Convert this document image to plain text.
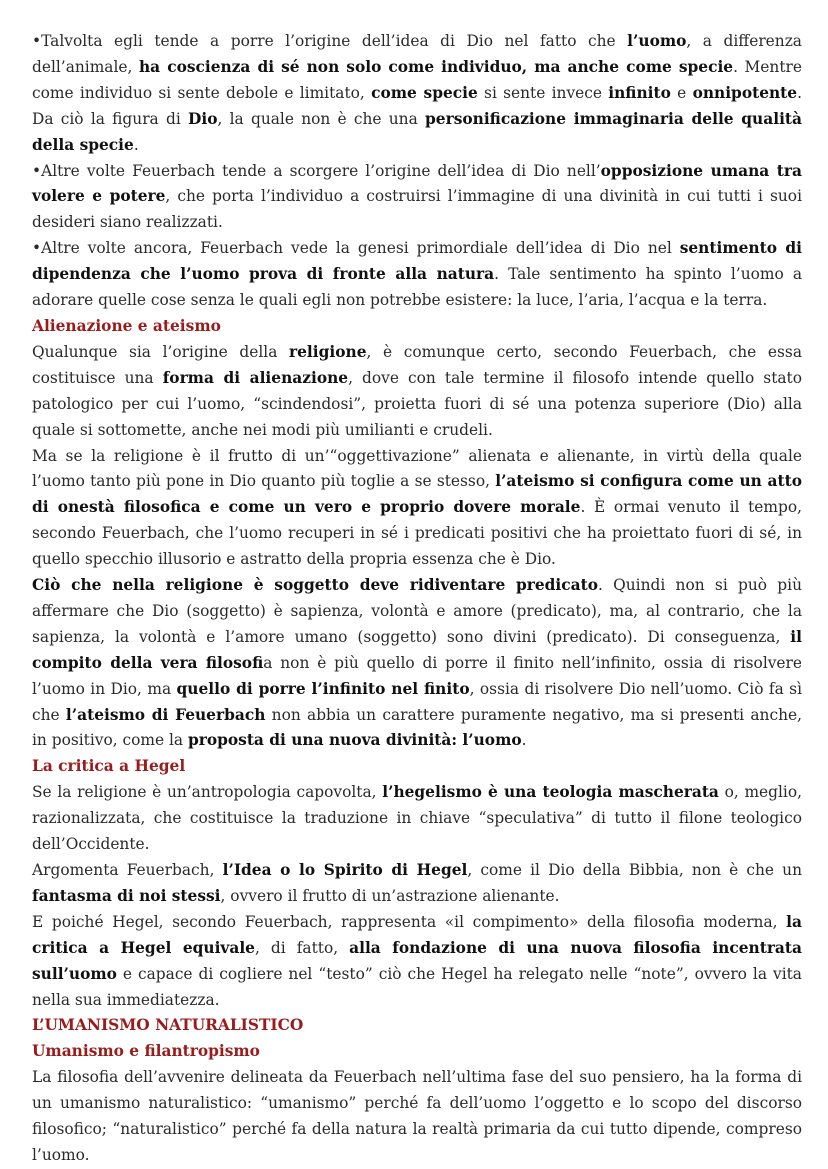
•Talvolta egli tende a porre l’origine dell’idea di Dio nel fatto che l’uomo, a differenza dell’animale, ha coscienza di sé non solo come individuo, ma anche come specie. Mentre come individuo si sente debole e limitato, come specie si sente invece infinito e onnipotente. Da ciò la figura di Dio, la quale non è che una personificazione immaginaria delle qualità della specie.

•Altre volte Feuerbach tende a scorgere l’origine dell’idea di Dio nell’opposizione umana tra volere e potere, che porta l’individuo a costruirsi l’immagine di una divinità in cui tutti i suoi desideri siano realizzati.

•Altre volte ancora, Feuerbach vede la genesi primordiale dell’idea di Dio nel sentimento di dipendenza che l’uomo prova di fronte alla natura. Tale sentimento ha spinto l’uomo a adorare quelle cose senza le quali egli non potrebbe esistere: la luce, l’aria, l’acqua e la terra.

Alienazione e ateismo

Qualunque sia l’origine della religione, è comunque certo, secondo Feuerbach, che essa costituisce una forma di alienazione, dove con tale termine il filosofo intende quello stato patologico per cui l’uomo, “scindendosi”, proietta fuori di sé una potenza superiore (Dio) alla quale si sottomette, anche nei modi più umilianti e crudeli.

Ma se la religione è il frutto di un’“oggettivazione” alienata e alienante, in virtù della quale l’uomo tanto più pone in Dio quanto più toglie a se stesso, l’ateismo si configura come un atto di onestà filosofica e come un vero e proprio dovere morale. È ormai venuto il tempo, secondo Feuerbach, che l’uomo recuperi in sé i predicati positivi che ha proiettato fuori di sé, in quello specchio illusorio e astratto della propria essenza che è Dio.

Ciò che nella religione è soggetto deve ridiventare predicato. Quindi non si può più affermare che Dio (soggetto) è sapienza, volontà e amore (predicato), ma, al contrario, che la sapienza, la volontà e l’amore umano (soggetto) sono divini (predicato). Di conseguenza, il compito della vera filosofia non è più quello di porre il finito nell’infinito, ossia di risolvere l’uomo in Dio, ma quello di porre l’infinito nel finito, ossia di risolvere Dio nell’uomo. Ciò fa sì che l’ateismo di Feuerbach non abbia un carattere puramente negativo, ma si presenti anche, in positivo, come la proposta di una nuova divinità: l’uomo.

La critica a Hegel

Se la religione è un’antropologia capovolta, l’hegelismo è una teologia mascherata o, meglio, razionalizzata, che costituisce la traduzione in chiave “speculativa” di tutto il filone teologico dell’Occidente.

Argomenta Feuerbach, l’Idea o lo Spirito di Hegel, come il Dio della Bibbia, non è che un fantasma di noi stessi, ovvero il frutto di un’astrazione alienante.

E poiché Hegel, secondo Feuerbach, rappresenta «il compimento» della filosofia moderna, la critica a Hegel equivale, di fatto, alla fondazione di una nuova filosofia incentrata sull’uomo e capace di cogliere nel “testo” ciò che Hegel ha relegato nelle “note”, ovvero la vita nella sua immediatezza.

L’UMANISMO NATURALISTICO

Umanismo e filantropismo

La filosofia dell’avvenire delineata da Feuerbach nell’ultima fase del suo pensiero, ha la forma di un umanismo naturalistico: “umanismo” perché fa dell’uomo l’oggetto e lo scopo del discorso filosofico; “naturalistico” perché fa della natura la realtà primaria da cui tutto dipende, compreso l’uomo.
